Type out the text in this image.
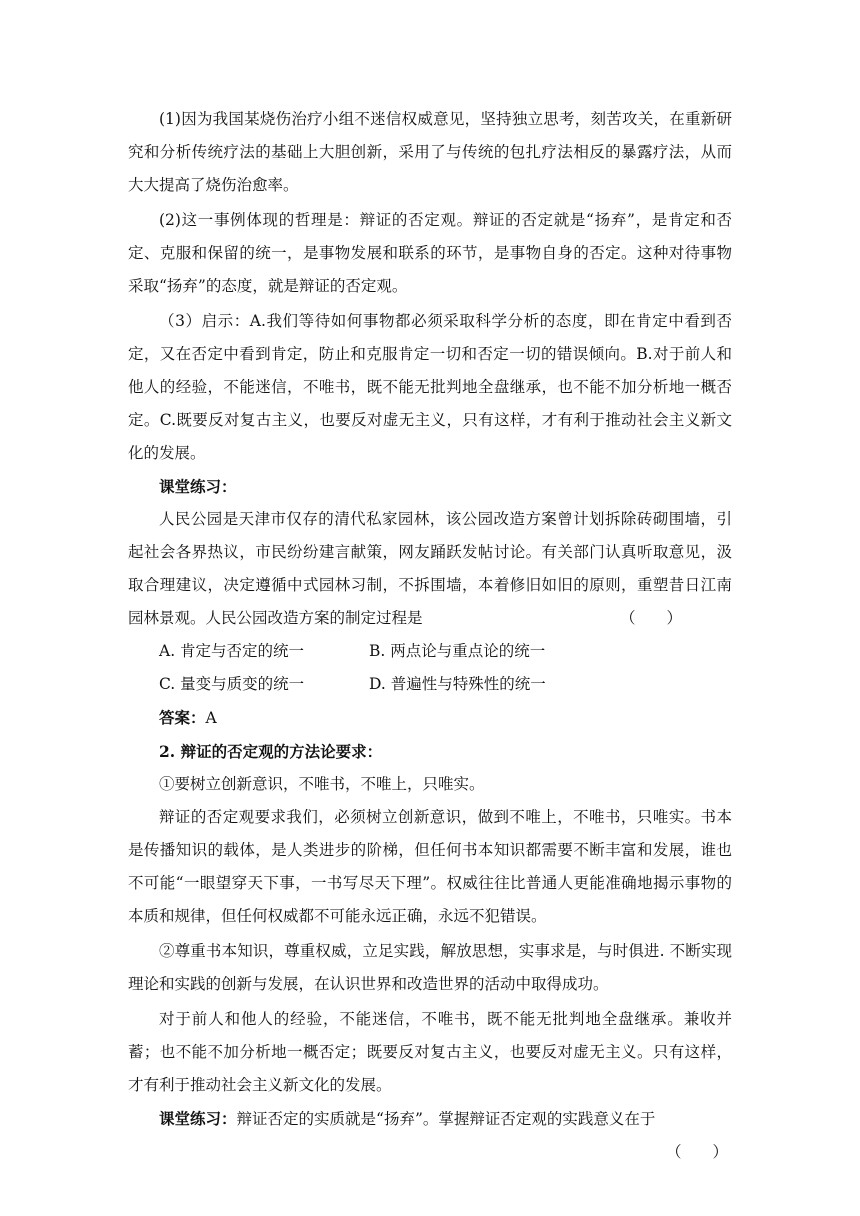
(1)因为我国某烧伤治疗小组不迷信权威意见，坚持独立思考，刻苦攻关，在重新研究和分析传统疗法的基础上大胆创新，采用了与传统的包扎疗法相反的暴露疗法，从而大大提高了烧伤治愈率。

(2)这一事例体现的哲理是：辩证的否定观。辩证的否定就是“扬弃”，是肯定和否定、克服和保留的统一，是事物发展和联系的环节，是事物自身的否定。这种对待事物采取“扬弃”的态度，就是辩证的否定观。

（3）启示：A.我们等待如何事物都必须采取科学分析的态度，即在肯定中看到否定，又在否定中看到肯定，防止和克服肯定一切和否定一切的错误倾向。B.对于前人和他人的经验，不能迷信，不唯书，既不能无批判地全盘继承，也不能不加分析地一概否定。C.既要反对复古主义，也要反对虚无主义，只有这样，才有利于推动社会主义新文化的发展。

课堂练习：

人民公园是天津市仅存的清代私家园林，该公园改造方案曾计划拆除砖砌围墙，引起社会各界热议，市民纷纷建言献策，网友踊跃发帖讨论。有关部门认真听取意见，汲取合理建议，决定遵循中式园林习制，不拆围墙，本着修旧如旧的原则，重塑昔日江南园林景观。人民公园改造方案的制定过程是	（　　）

A. 肯定与否定的统一	B. 两点论与重点论的统一
C. 量变与质变的统一	D. 普遍性与特殊性的统一

答案：A

2. 辩证的否定观的方法论要求：

①要树立创新意识，不唯书，不唯上，只唯实。

辩证的否定观要求我们，必须树立创新意识，做到不唯上，不唯书，只唯实。书本是传播知识的载体，是人类进步的阶梯，但任何书本知识都需要不断丰富和发展，谁也不可能“一眼望穿天下事，一书写尽天下理”。权威往往比普通人更能准确地揭示事物的本质和规律，但任何权威都不可能永远正确，永远不犯错误。

②尊重书本知识，尊重权威，立足实践，解放思想，实事求是，与时俱进. 不断实现理论和实践的创新与发展，在认识世界和改造世界的活动中取得成功。

对于前人和他人的经验，不能迷信，不唯书，既不能无批判地全盘继承。兼收并蓄；也不能不加分析地一概否定；既要反对复古主义，也要反对虚无主义。只有这样，才有利于推动社会主义新文化的发展。

课堂练习：辩证否定的实质就是“扬弃”。掌握辩证否定观的实践意义在于
（　　）
